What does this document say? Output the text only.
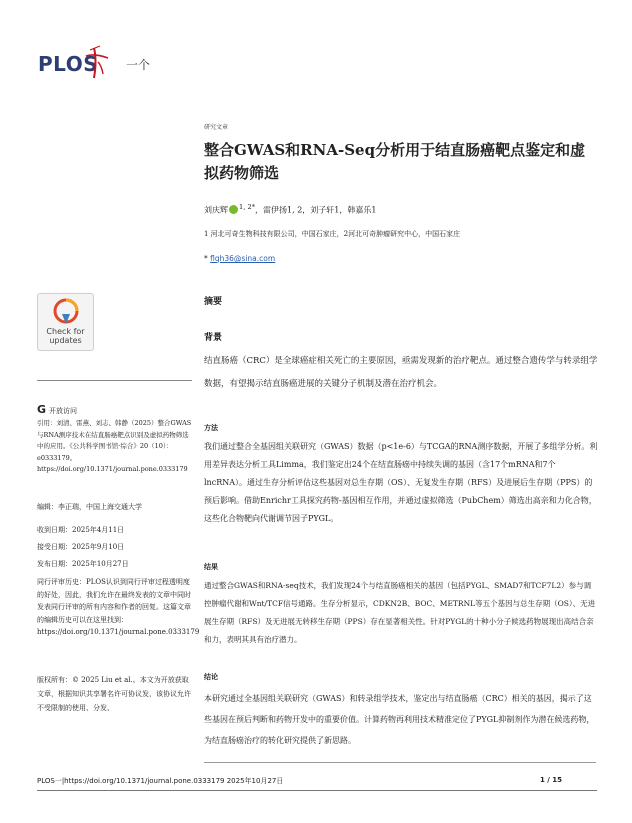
PLOS 一个
研究文章
整合GWAS和RNA-Seq分析用于结直肠癌靶点鉴定和虚拟药物筛选
刘庆辉 $^{1, 2*}$，雷伊扬1, 2，刘子轩1，韩嘉乐1
1 河北可奇生物科技有限公司，中国石家庄，2河北可奇肿瘤研究中心，中国石家庄
* flqh36@sina.com
摘要
背景

结直肠癌（CRC）是全球癌症相关死亡的主要原因，亟需发现新的治疗靶点。通过整合遗传学与转录组学数据，有望揭示结直肠癌进展的关键分子机制及潜在治疗机会。

方法

我们通过整合全基因组关联研究（GWAS）数据（p<1e-6）与TCGA的RNA测序数据，开展了多组学分析。利用差异表达分析工具Limma，我们鉴定出24个在结直肠癌中持续失调的基因（含17个mRNA和7个lncRNA）。通过生存分析评估这些基因对总生存期（OS）、无复发生存期（RFS）及进展后生存期（PPS）的预后影响。借助Enrichr工具探究药物-基因相互作用，并通过虚拟筛选（PubChem）筛选出高亲和力化合物，这些化合物靶向代谢调节因子PYGL。

结果

通过整合GWAS和RNA-seq技术，我们发现24个与结直肠癌相关的基因（包括PYGL、SMAD7和TCF7L2）参与调控肿瘤代谢和Wnt/TCF信号通路。生存分析显示，CDKN2B、BOC、METRNL等五个基因与总生存期（OS）、无进展生存期（RFS）及无进展无转移生存期（PPS）存在显著相关性。针对PYGL的十种小分子候选药物展现出高结合亲和力，表明其具有治疗潜力。

结论

本研究通过全基因组关联研究（GWAS）和转录组学技术，鉴定出与结直肠癌（CRC）相关的基因，揭示了这些基因在预后判断和药物开发中的重要价值。计算药物再利用技术精准定位了PYGL抑制剂作为潜在候选药物，为结直肠癌治疗的转化研究提供了新思路。

Check for updates
G开放访问
引用：刘清、雷燕、刘志、韩静（2025）整合GWAS与RNA测序技术在结直肠癌靶点识别及虚拟药物筛选中的应用。《公共科学图书馆·综合》20（10）：e0333179。https://doi.org/10.1371/journal.pone.0333179
编辑：李正瑞，中国上海交通大学
收到日期：2025年4月11日
接受日期：2025年9月10日
发布日期：2025年10月27日
同行评审历史：PLOS认识到同行评审过程透明度的好处，因此，我们允许在最终发表的文章中同时发表同行评审的所有内容和作者的回复。这篇文章的编辑历史可以在这里找到：https://doi.org/10.1371/journal.pone.0333179
版权所有：© 2025 Liu et al.。本文为开放获取文章，根据知识共享署名许可协议发，该协议允许不受限制的使用、分发、
PLOS一|https://doi.org/10.1371/journal.pone.0333179 2025年10月27日	1 / 15
